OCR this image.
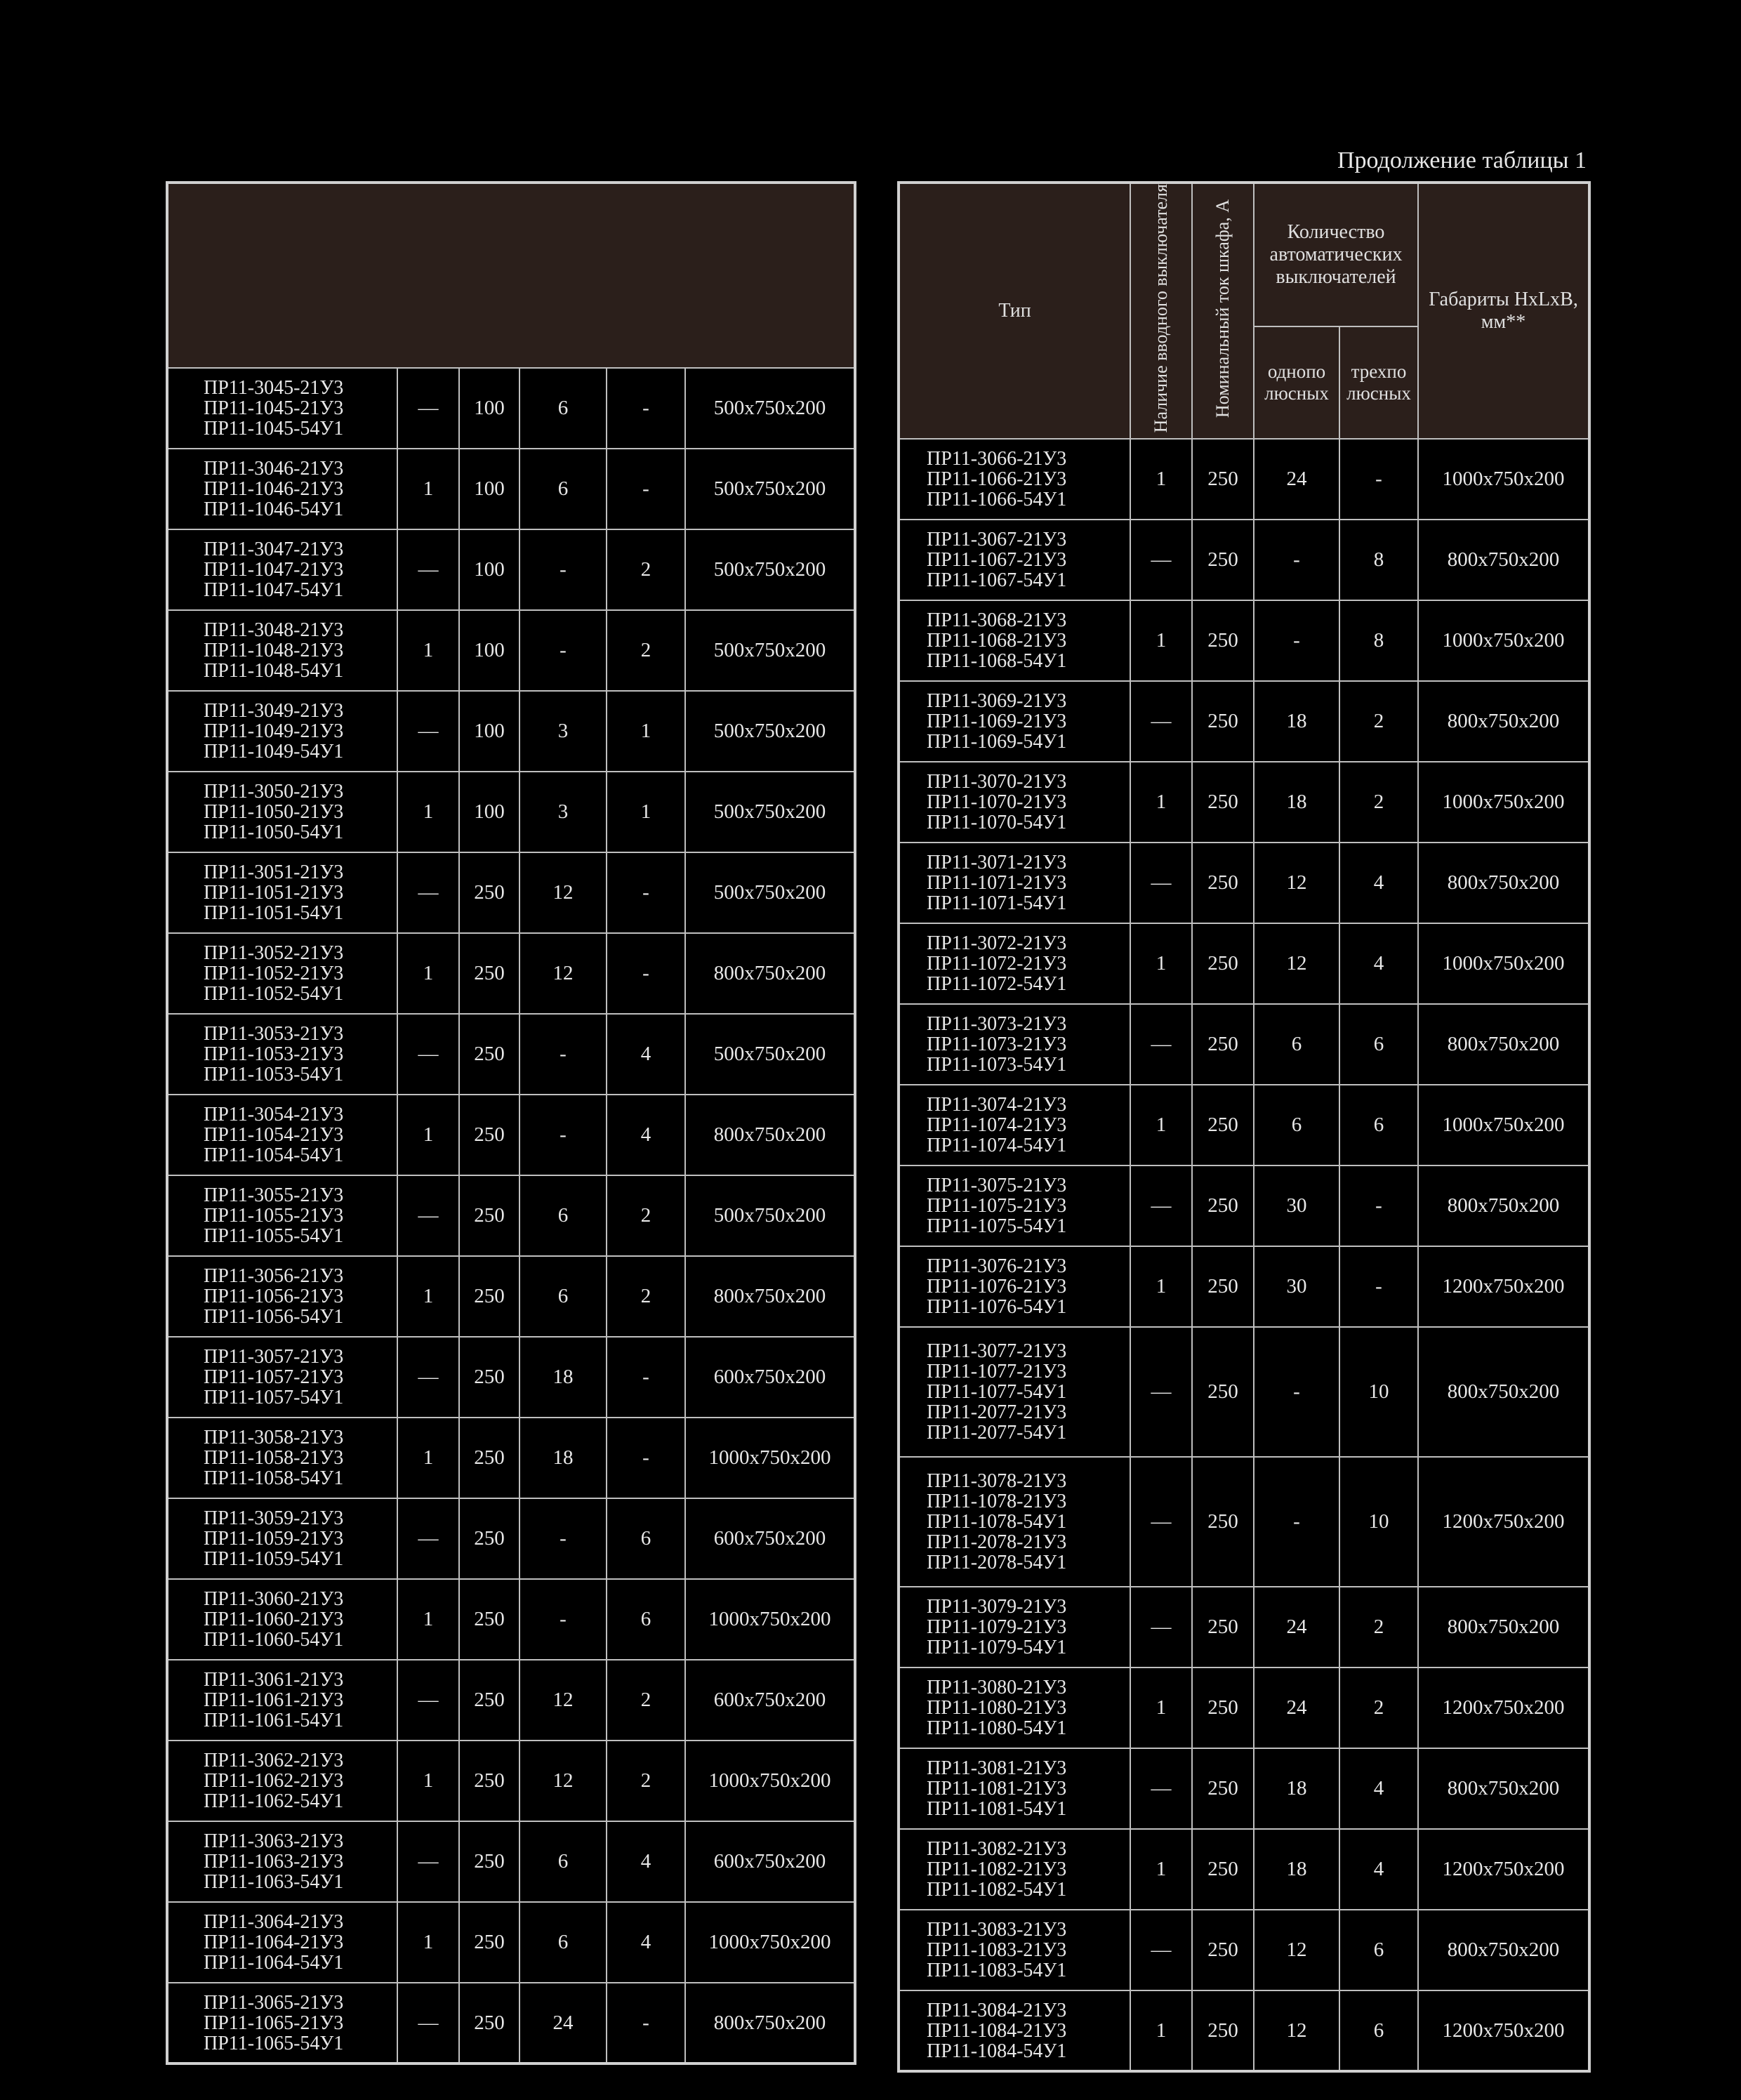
Продолжение таблицы 1

ПР11-3045-21У3
ПР11-1045-21У3
ПР11-1045-54У1	—	100	6	-	500x750x200

ПР11-3046-21У3
ПР11-1046-21У3
ПР11-1046-54У1	1	100	6	-	500x750x200

ПР11-3047-21У3
ПР11-1047-21У3
ПР11-1047-54У1	—	100	-	2	500x750x200

ПР11-3048-21У3
ПР11-1048-21У3
ПР11-1048-54У1	1	100	-	2	500x750x200

ПР11-3049-21У3
ПР11-1049-21У3
ПР11-1049-54У1	—	100	3	1	500x750x200

ПР11-3050-21У3
ПР11-1050-21У3
ПР11-1050-54У1	1	100	3	1	500x750x200

ПР11-3051-21У3
ПР11-1051-21У3
ПР11-1051-54У1	—	250	12	-	500x750x200

ПР11-3052-21У3
ПР11-1052-21У3
ПР11-1052-54У1	1	250	12	-	800x750x200

ПР11-3053-21У3
ПР11-1053-21У3
ПР11-1053-54У1	—	250	-	4	500x750x200

ПР11-3054-21У3
ПР11-1054-21У3
ПР11-1054-54У1	1	250	-	4	800x750x200

ПР11-3055-21У3
ПР11-1055-21У3
ПР11-1055-54У1	—	250	6	2	500x750x200

ПР11-3056-21У3
ПР11-1056-21У3
ПР11-1056-54У1	1	250	6	2	800x750x200

ПР11-3057-21У3
ПР11-1057-21У3
ПР11-1057-54У1	—	250	18	-	600x750x200

ПР11-3058-21У3
ПР11-1058-21У3
ПР11-1058-54У1	1	250	18	-	1000x750x200

ПР11-3059-21У3
ПР11-1059-21У3
ПР11-1059-54У1	—	250	-	6	600x750x200

ПР11-3060-21У3
ПР11-1060-21У3
ПР11-1060-54У1	1	250	-	6	1000x750x200

ПР11-3061-21У3
ПР11-1061-21У3
ПР11-1061-54У1	—	250	12	2	600x750x200

ПР11-3062-21У3
ПР11-1062-21У3
ПР11-1062-54У1	1	250	12	2	1000x750x200

ПР11-3063-21У3
ПР11-1063-21У3
ПР11-1063-54У1	—	250	6	4	600x750x200

ПР11-3064-21У3
ПР11-1064-21У3
ПР11-1064-54У1	1	250	6	4	1000x750x200

ПР11-3065-21У3
ПР11-1065-21У3
ПР11-1065-54У1	—	250	24	-	800x750x200
Тип	Наличие вводного выключателя	Номинальный ток шкафа, А	Количество автоматических выключателей		Габариты HxLxB, мм**
			однопо люсных	трехпо люсных	

ПР11-3066-21У3
ПР11-1066-21У3
ПР11-1066-54У1	1	250	24	-	1000x750x200

ПР11-3067-21У3
ПР11-1067-21У3
ПР11-1067-54У1	—	250	-	8	800x750x200

ПР11-3068-21У3
ПР11-1068-21У3
ПР11-1068-54У1	1	250	-	8	1000x750x200

ПР11-3069-21У3
ПР11-1069-21У3
ПР11-1069-54У1	—	250	18	2	800x750x200

ПР11-3070-21У3
ПР11-1070-21У3
ПР11-1070-54У1	1	250	18	2	1000x750x200

ПР11-3071-21У3
ПР11-1071-21У3
ПР11-1071-54У1	—	250	12	4	800x750x200

ПР11-3072-21У3
ПР11-1072-21У3
ПР11-1072-54У1	1	250	12	4	1000x750x200

ПР11-3073-21У3
ПР11-1073-21У3
ПР11-1073-54У1	—	250	6	6	800x750x200

ПР11-3074-21У3
ПР11-1074-21У3
ПР11-1074-54У1	1	250	6	6	1000x750x200

ПР11-3075-21У3
ПР11-1075-21У3
ПР11-1075-54У1	—	250	30	-	800x750x200

ПР11-3076-21У3
ПР11-1076-21У3
ПР11-1076-54У1	1	250	30	-	1200x750x200

ПР11-3077-21У3
ПР11-1077-21У3
ПР11-1077-54У1
ПР11-2077-21У3
ПР11-2077-54У1	—	250	-	10	800x750x200

ПР11-3078-21У3
ПР11-1078-21У3
ПР11-1078-54У1
ПР11-2078-21У3
ПР11-2078-54У1	—	250	-	10	1200x750x200

ПР11-3079-21У3
ПР11-1079-21У3
ПР11-1079-54У1	—	250	24	2	800x750x200

ПР11-3080-21У3
ПР11-1080-21У3
ПР11-1080-54У1	1	250	24	2	1200x750x200

ПР11-3081-21У3
ПР11-1081-21У3
ПР11-1081-54У1	—	250	18	4	800x750x200

ПР11-3082-21У3
ПР11-1082-21У3
ПР11-1082-54У1	1	250	18	4	1200x750x200

ПР11-3083-21У3
ПР11-1083-21У3
ПР11-1083-54У1	—	250	12	6	800x750x200

ПР11-3084-21У3
ПР11-1084-21У3
ПР11-1084-54У1	1	250	12	6	1200x750x200
